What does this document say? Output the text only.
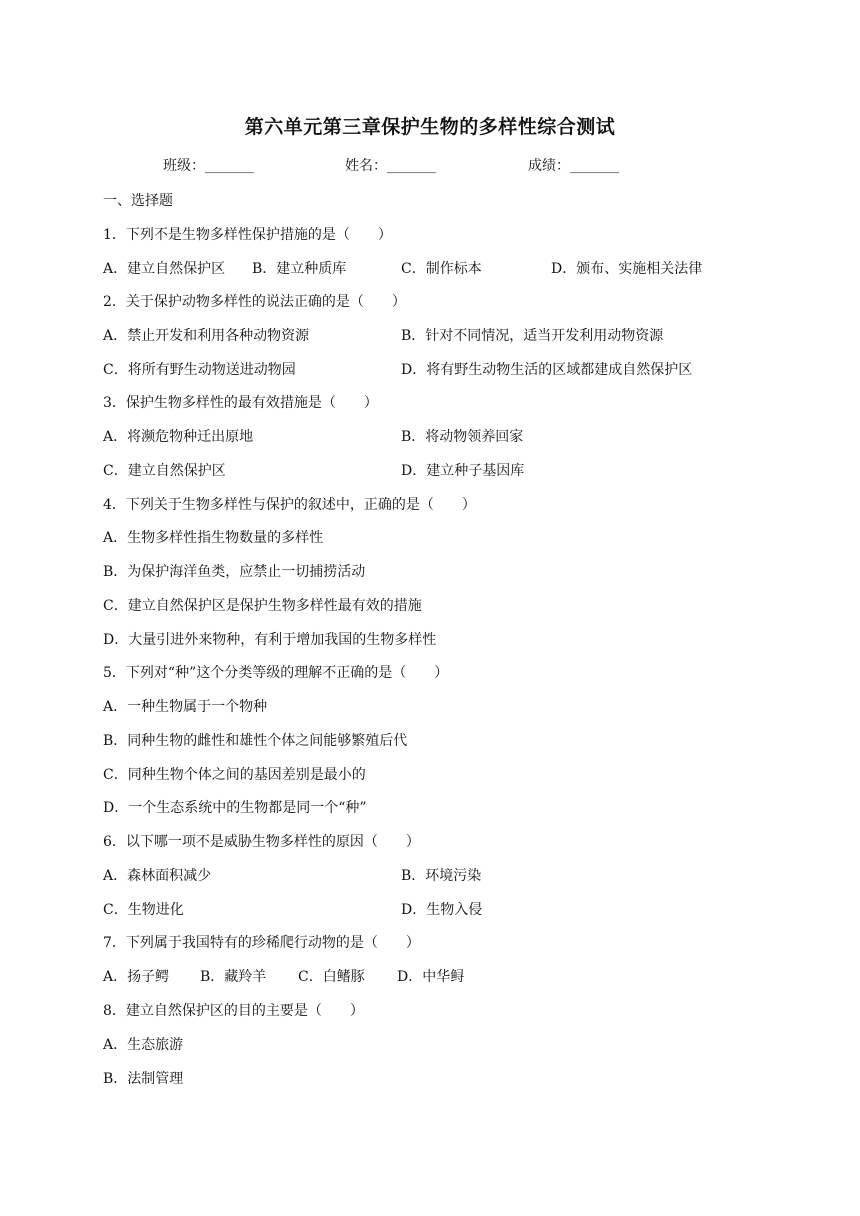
第六单元第三章保护生物的多样性综合测试
班级：_______	姓名：_______	成绩：_______
一、选择题
1．下列不是生物多样性保护措施的是（　　）
A．建立自然保护区 B．建立种质库	C．制作标本	D．颁布、实施相关法律
2．关于保护动物多样性的说法正确的是（　　）
A．禁止开发和利用各种动物资源	B．针对不同情况，适当开发利用动物资源
C．将所有野生动物送进动物园	D．将有野生动物生活的区域都建成自然保护区
3．保护生物多样性的最有效措施是（　　）
A．将濒危物种迁出原地	B．将动物领养回家
C．建立自然保护区	D．建立种子基因库
4．下列关于生物多样性与保护的叙述中，正确的是（　　）
A．生物多样性指生物数量的多样性
B．为保护海洋鱼类，应禁止一切捕捞活动
C．建立自然保护区是保护生物多样性最有效的措施
D．大量引进外来物种，有利于增加我国的生物多样性
5．下列对“种”这个分类等级的理解不正确的是（　　）
A．一种生物属于一个物种
B．同种生物的雌性和雄性个体之间能够繁殖后代
C．同种生物个体之间的基因差别是最小的
D．一个生态系统中的生物都是同一个“种”
6．以下哪一项不是威胁生物多样性的原因（　　）
A．森林面积减少	B．环境污染
C．生物进化	D．生物入侵
7．下列属于我国特有的珍稀爬行动物的是（　　）
A．扬子鳄 B．藏羚羊 C．白鳍豚 D．中华鲟
8．建立自然保护区的目的主要是（　　）
A．生态旅游
B．法制管理
